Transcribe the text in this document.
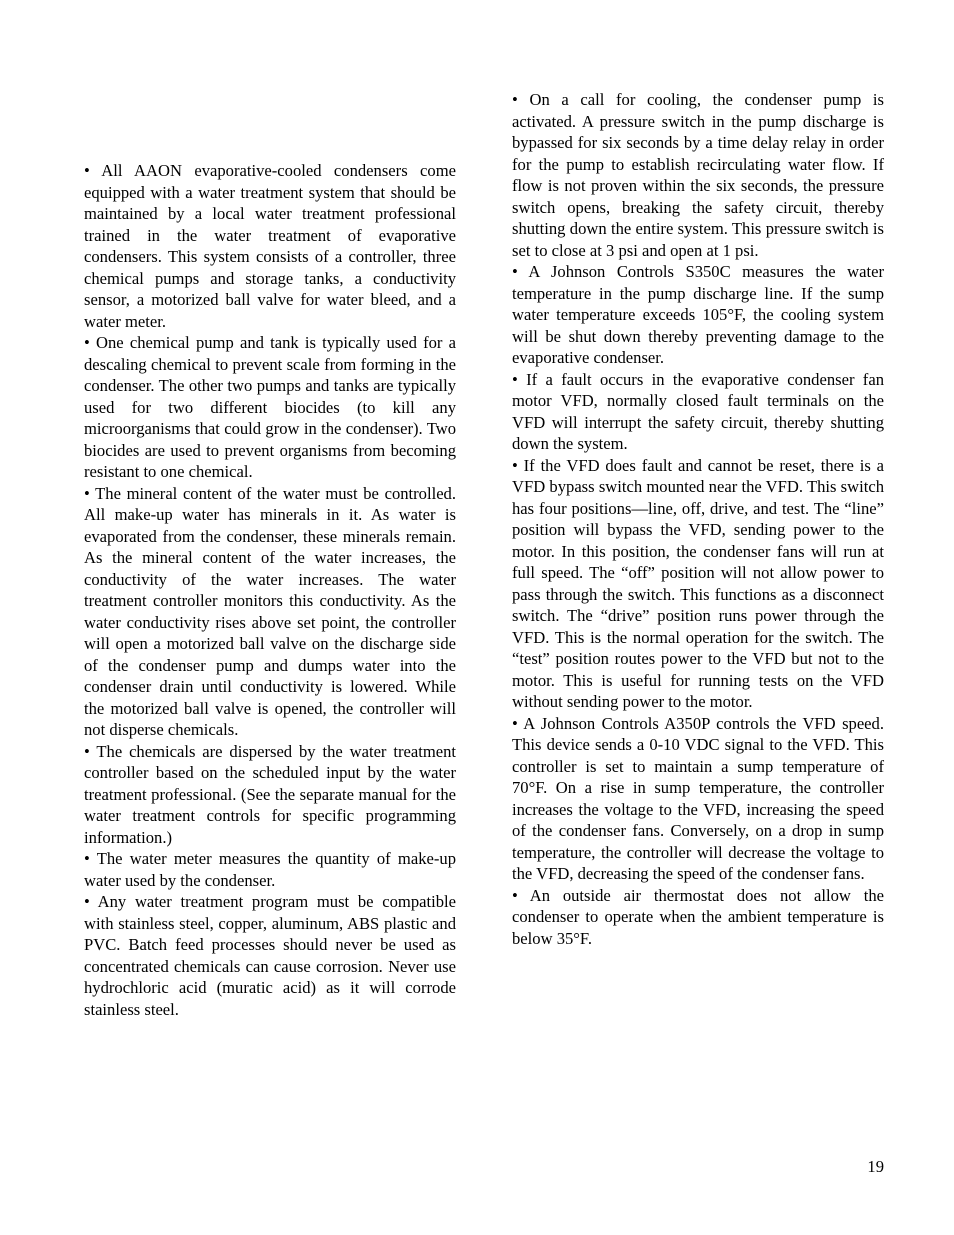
• All AAON evaporative-cooled condensers come equipped with a water treatment system that should be maintained by a local water treatment professional trained in the water treatment of evaporative condensers. This system consists of a controller, three chemical pumps and storage tanks, a conductivity sensor, a motorized ball valve for water bleed, and a water meter.

• One chemical pump and tank is typically used for a descaling chemical to prevent scale from forming in the condenser. The other two pumps and tanks are typically used for two different biocides (to kill any microorganisms that could grow in the condenser). Two biocides are used to prevent organisms from becoming resistant to one chemical.

• The mineral content of the water must be controlled. All make-up water has minerals in it. As water is evaporated from the condenser, these minerals remain. As the mineral content of the water increases, the conductivity of the water increases. The water treatment controller monitors this conductivity. As the water conductivity rises above set point, the controller will open a motorized ball valve on the discharge side of the condenser pump and dumps water into the condenser drain until conductivity is lowered. While the motorized ball valve is opened, the controller will not disperse chemicals.

• The chemicals are dispersed by the water treatment controller based on the scheduled input by the water treatment professional. (See the separate manual for the water treatment controls for specific programming information.)

• The water meter measures the quantity of make-up water used by the condenser.

• Any water treatment program must be compatible with stainless steel, copper, aluminum, ABS plastic and PVC. Batch feed processes should never be used as concentrated chemicals can cause corrosion. Never use hydrochloric acid (muratic acid) as it will corrode stainless steel.

• On a call for cooling, the condenser pump is activated. A pressure switch in the pump discharge is bypassed for six seconds by a time delay relay in order for the pump to establish recirculating water flow. If flow is not proven within the six seconds, the pressure switch opens, breaking the safety circuit, thereby shutting down the entire system. This pressure switch is set to close at 3 psi and open at 1 psi.

• A Johnson Controls S350C measures the water temperature in the pump discharge line. If the sump water temperature exceeds 105°F, the cooling system will be shut down thereby preventing damage to the evaporative condenser.

• If a fault occurs in the evaporative condenser fan motor VFD, normally closed fault terminals on the VFD will interrupt the safety circuit, thereby shutting down the system.

• If the VFD does fault and cannot be reset, there is a VFD bypass switch mounted near the VFD. This switch has four positions—line, off, drive, and test. The “line” position will bypass the VFD, sending power to the motor. In this position, the condenser fans will run at full speed. The “off” position will not allow power to pass through the switch. This functions as a disconnect switch. The “drive” position runs power through the VFD. This is the normal operation for the switch. The “test” position routes power to the VFD but not to the motor. This is useful for running tests on the VFD without sending power to the motor.

• A Johnson Controls A350P controls the VFD speed. This device sends a 0-10 VDC signal to the VFD. This controller is set to maintain a sump temperature of 70°F. On a rise in sump temperature, the controller increases the voltage to the VFD, increasing the speed of the condenser fans. Conversely, on a drop in sump temperature, the controller will decrease the voltage to the VFD, decreasing the speed of the condenser fans.

• An outside air thermostat does not allow the condenser to operate when the ambient temperature is below 35°F.

19
